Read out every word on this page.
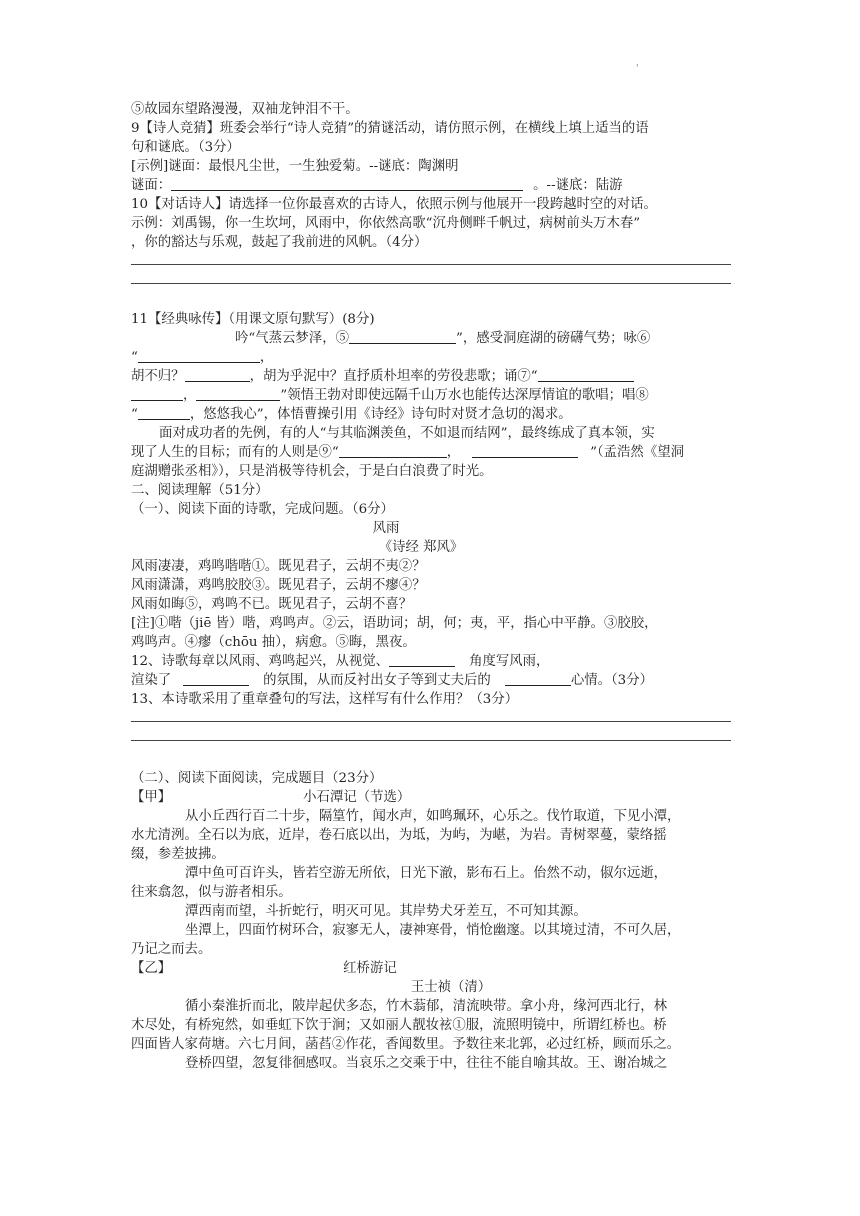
'
⑤故园东望路漫漫，双袖龙钟泪不干。
9【诗人竞猜】班委会举行“诗人竞猜”的猜谜活动，请仿照示例，在横线上填上适当的语
句和谜底。（3分）
[示例]谜面：最恨凡尘世，一生独爱菊。--谜底：陶渊明
谜面：	。--谜底：陆游
10【对话诗人】请选择一位你最喜欢的古诗人，依照示例与他展开一段跨越时空的对话。
示例：刘禹锡，你一生坎坷，风雨中，你依然高歌“沉舟侧畔千帆过，病树前头万木春”
，你的豁达与乐观，鼓起了我前进的风帆。（4分）
11【经典咏传】（用课文原句默写）(8分)
吟“气蒸云梦泽，⑤	”，感受洞庭湖的磅礴气势；咏⑥
“	，
胡不归？	，胡为乎泥中？直抒质朴坦率的劳役悲歌；诵⑦“
，	”领悟王勃对即使远隔千山万水也能传达深厚情谊的歌唱；唱⑧
“	，悠悠我心”，体悟曹操引用《诗经》诗句时对贤才急切的渴求。
面对成功者的先例，有的人“与其临渊羡鱼，不如退而结网”，最终练成了真本领，实
现了人生的目标；而有的人则是⑨“	，	”（孟浩然《望洞
庭湖赠张丞相》），只是消极等待机会，于是白白浪费了时光。
二、阅读理解（51分）
（一）、阅读下面的诗歌，完成问题。（6分）
风雨
《诗经 郑风》
风雨凄凄，鸡鸣喈喈①。既见君子，云胡不夷②？
风雨潇潇，鸡鸣胶胶③。既见君子，云胡不瘳④？
风雨如晦⑤，鸡鸣不已。既见君子，云胡不喜？
[注]①喈（jiē 皆）喈，鸡鸣声。②云，语助词；胡，何；夷，平，指心中平静。③胶胶，
鸡鸣声。④瘳（chōu 抽），病愈。⑤晦，黑夜。
12、诗歌每章以风雨、鸡鸣起兴，从视觉、	角度写风雨，
渲染了	的氛围，从而反衬出女子等到丈夫后的	心情。（3分）
13、本诗歌采用了重章叠句的写法，这样写有什么作用？（3分）
（二）、阅读下面阅读，完成题目（23分）
【甲】	小石潭记（节选）
从小丘西行百二十步，隔篁竹，闻水声，如鸣珮环，心乐之。伐竹取道，下见小潭，
水尤清洌。全石以为底，近岸，卷石底以出，为坻，为屿，为嵁，为岩。青树翠蔓，蒙络摇
缀，参差披拂。
潭中鱼可百许头，皆若空游无所依，日光下澈，影布石上。佁然不动，俶尔远逝，
往来翕忽，似与游者相乐。
潭西南而望，斗折蛇行，明灭可见。其岸势犬牙差互，不可知其源。
坐潭上，四面竹树环合，寂寥无人，凄神寒骨，悄怆幽邃。以其境过清，不可久居，
乃记之而去。
【乙】	红桥游记
王士祯（清）
循小秦淮折而北，陂岸起伏多态，竹木蓊郁，清流映带。拿小舟，缘河西北行，林
木尽处，有桥宛然，如垂虹下饮于涧；又如丽人靓妆袨①服，流照明镜中，所谓红桥也。桥
四面皆人家荷塘。六七月间，菡萏②作花，香闻数里。予数往来北郭，必过红桥，顾而乐之。
登桥四望，忽复徘徊感叹。当哀乐之交乘于中，往往不能自喻其故。王、谢冶城之
